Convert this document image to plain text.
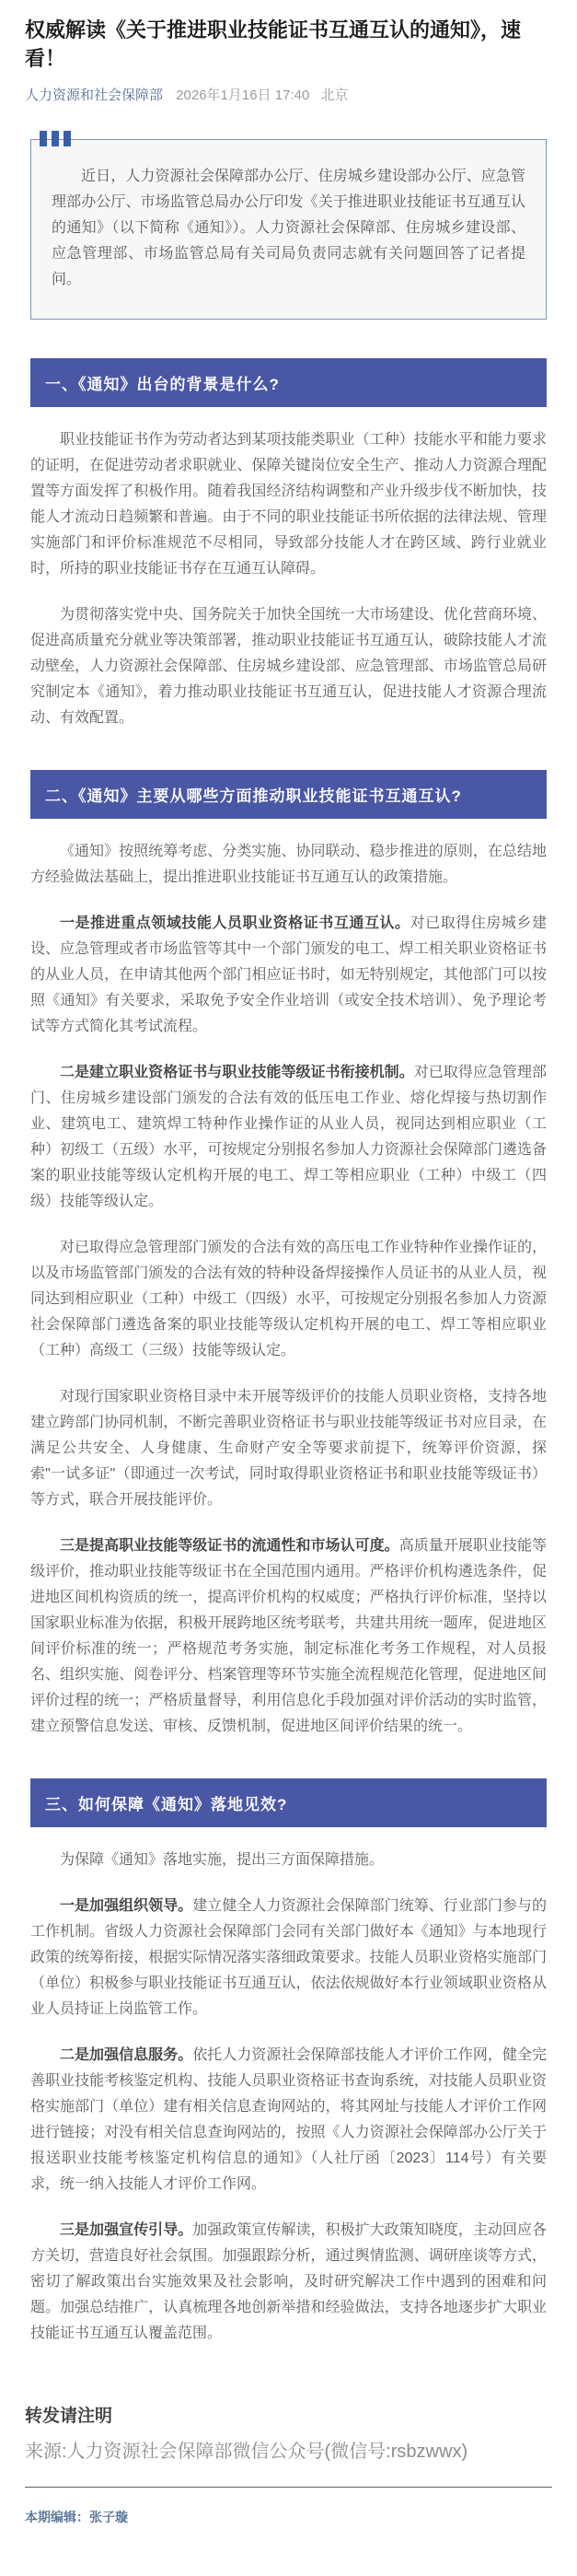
权威解读《关于推进职业技能证书互通互认的通知》，速看！
人力资源和社会保障部 2026年1月16日 17:40 北京

近日，人力资源社会保障部办公厅、住房城乡建设部办公厅、应急管理部办公厅、市场监管总局办公厅印发《关于推进职业技能证书互通互认的通知》（以下简称《通知》）。人力资源社会保障部、住房城乡建设部、应急管理部、市场监管总局有关司局负责同志就有关问题回答了记者提问。

一、《通知》出台的背景是什么?

职业技能证书作为劳动者达到某项技能类职业（工种）技能水平和能力要求的证明，在促进劳动者求职就业、保障关键岗位安全生产、推动人力资源合理配置等方面发挥了积极作用。随着我国经济结构调整和产业升级步伐不断加快，技能人才流动日趋频繁和普遍。由于不同的职业技能证书所依据的法律法规、管理实施部门和评价标准规范不尽相同，导致部分技能人才在跨区域、跨行业就业时，所持的职业技能证书存在互通互认障碍。

为贯彻落实党中央、国务院关于加快全国统一大市场建设、优化营商环境、促进高质量充分就业等决策部署，推动职业技能证书互通互认，破除技能人才流动壁垒，人力资源社会保障部、住房城乡建设部、应急管理部、市场监管总局研究制定本《通知》，着力推动职业技能证书互通互认，促进技能人才资源合理流动、有效配置。

二、《通知》主要从哪些方面推动职业技能证书互通互认?

《通知》按照统筹考虑、分类实施、协同联动、稳步推进的原则，在总结地方经验做法基础上，提出推进职业技能证书互通互认的政策措施。

一是推进重点领域技能人员职业资格证书互通互认。对已取得住房城乡建设、应急管理或者市场监管等其中一个部门颁发的电工、焊工相关职业资格证书的从业人员，在申请其他两个部门相应证书时，如无特别规定，其他部门可以按照《通知》有关要求，采取免予安全作业培训（或安全技术培训）、免予理论考试等方式简化其考试流程。

二是建立职业资格证书与职业技能等级证书衔接机制。对已取得应急管理部门、住房城乡建设部门颁发的合法有效的低压电工作业、熔化焊接与热切割作业、建筑电工、建筑焊工特种作业操作证的从业人员，视同达到相应职业（工种）初级工（五级）水平，可按规定分别报名参加人力资源社会保障部门遴选备案的职业技能等级认定机构开展的电工、焊工等相应职业（工种）中级工（四级）技能等级认定。

对已取得应急管理部门颁发的合法有效的高压电工作业特种作业操作证的，以及市场监管部门颁发的合法有效的特种设备焊接操作人员证书的从业人员，视同达到相应职业（工种）中级工（四级）水平，可按规定分别报名参加人力资源社会保障部门遴选备案的职业技能等级认定机构开展的电工、焊工等相应职业（工种）高级工（三级）技能等级认定。

对现行国家职业资格目录中未开展等级评价的技能人员职业资格，支持各地建立跨部门协同机制，不断完善职业资格证书与职业技能等级证书对应目录，在满足公共安全、人身健康、生命财产安全等要求前提下，统筹评价资源，探索"一试多证"（即通过一次考试，同时取得职业资格证书和职业技能等级证书）等方式，联合开展技能评价。

三是提高职业技能等级证书的流通性和市场认可度。高质量开展职业技能等级评价，推动职业技能等级证书在全国范围内通用。严格评价机构遴选条件，促进地区间机构资质的统一，提高评价机构的权威度；严格执行评价标准，坚持以国家职业标准为依据，积极开展跨地区统考联考，共建共用统一题库，促进地区间评价标准的统一；严格规范考务实施，制定标准化考务工作规程，对人员报名、组织实施、阅卷评分、档案管理等环节实施全流程规范化管理，促进地区间评价过程的统一；严格质量督导，利用信息化手段加强对评价活动的实时监管，建立预警信息发送、审核、反馈机制，促进地区间评价结果的统一。

三、如何保障《通知》落地见效?

为保障《通知》落地实施，提出三方面保障措施。

一是加强组织领导。建立健全人力资源社会保障部门统筹、行业部门参与的工作机制。省级人力资源社会保障部门会同有关部门做好本《通知》与本地现行政策的统筹衔接，根据实际情况落实落细政策要求。技能人员职业资格实施部门（单位）积极参与职业技能证书互通互认，依法依规做好本行业领域职业资格从业人员持证上岗监管工作。

二是加强信息服务。依托人力资源社会保障部技能人才评价工作网，健全完善职业技能考核鉴定机构、技能人员职业资格证书查询系统，对技能人员职业资格实施部门（单位）建有相关信息查询网站的，将其网址与技能人才评价工作网进行链接；对没有相关信息查询网站的，按照《人力资源社会保障部办公厅关于报送职业技能考核鉴定机构信息的通知》（人社厅函〔2023〕114号）有关要求，统一纳入技能人才评价工作网。

三是加强宣传引导。加强政策宣传解读，积极扩大政策知晓度，主动回应各方关切，营造良好社会氛围。加强跟踪分析，通过舆情监测、调研座谈等方式，密切了解政策出台实施效果及社会影响，及时研究解决工作中遇到的困难和问题。加强总结推广，认真梳理各地创新举措和经验做法，支持各地逐步扩大职业技能证书互通互认覆盖范围。

转发请注明

来源:人力资源社会保障部微信公众号(微信号:rsbzwwx)

本期编辑：张子璇
